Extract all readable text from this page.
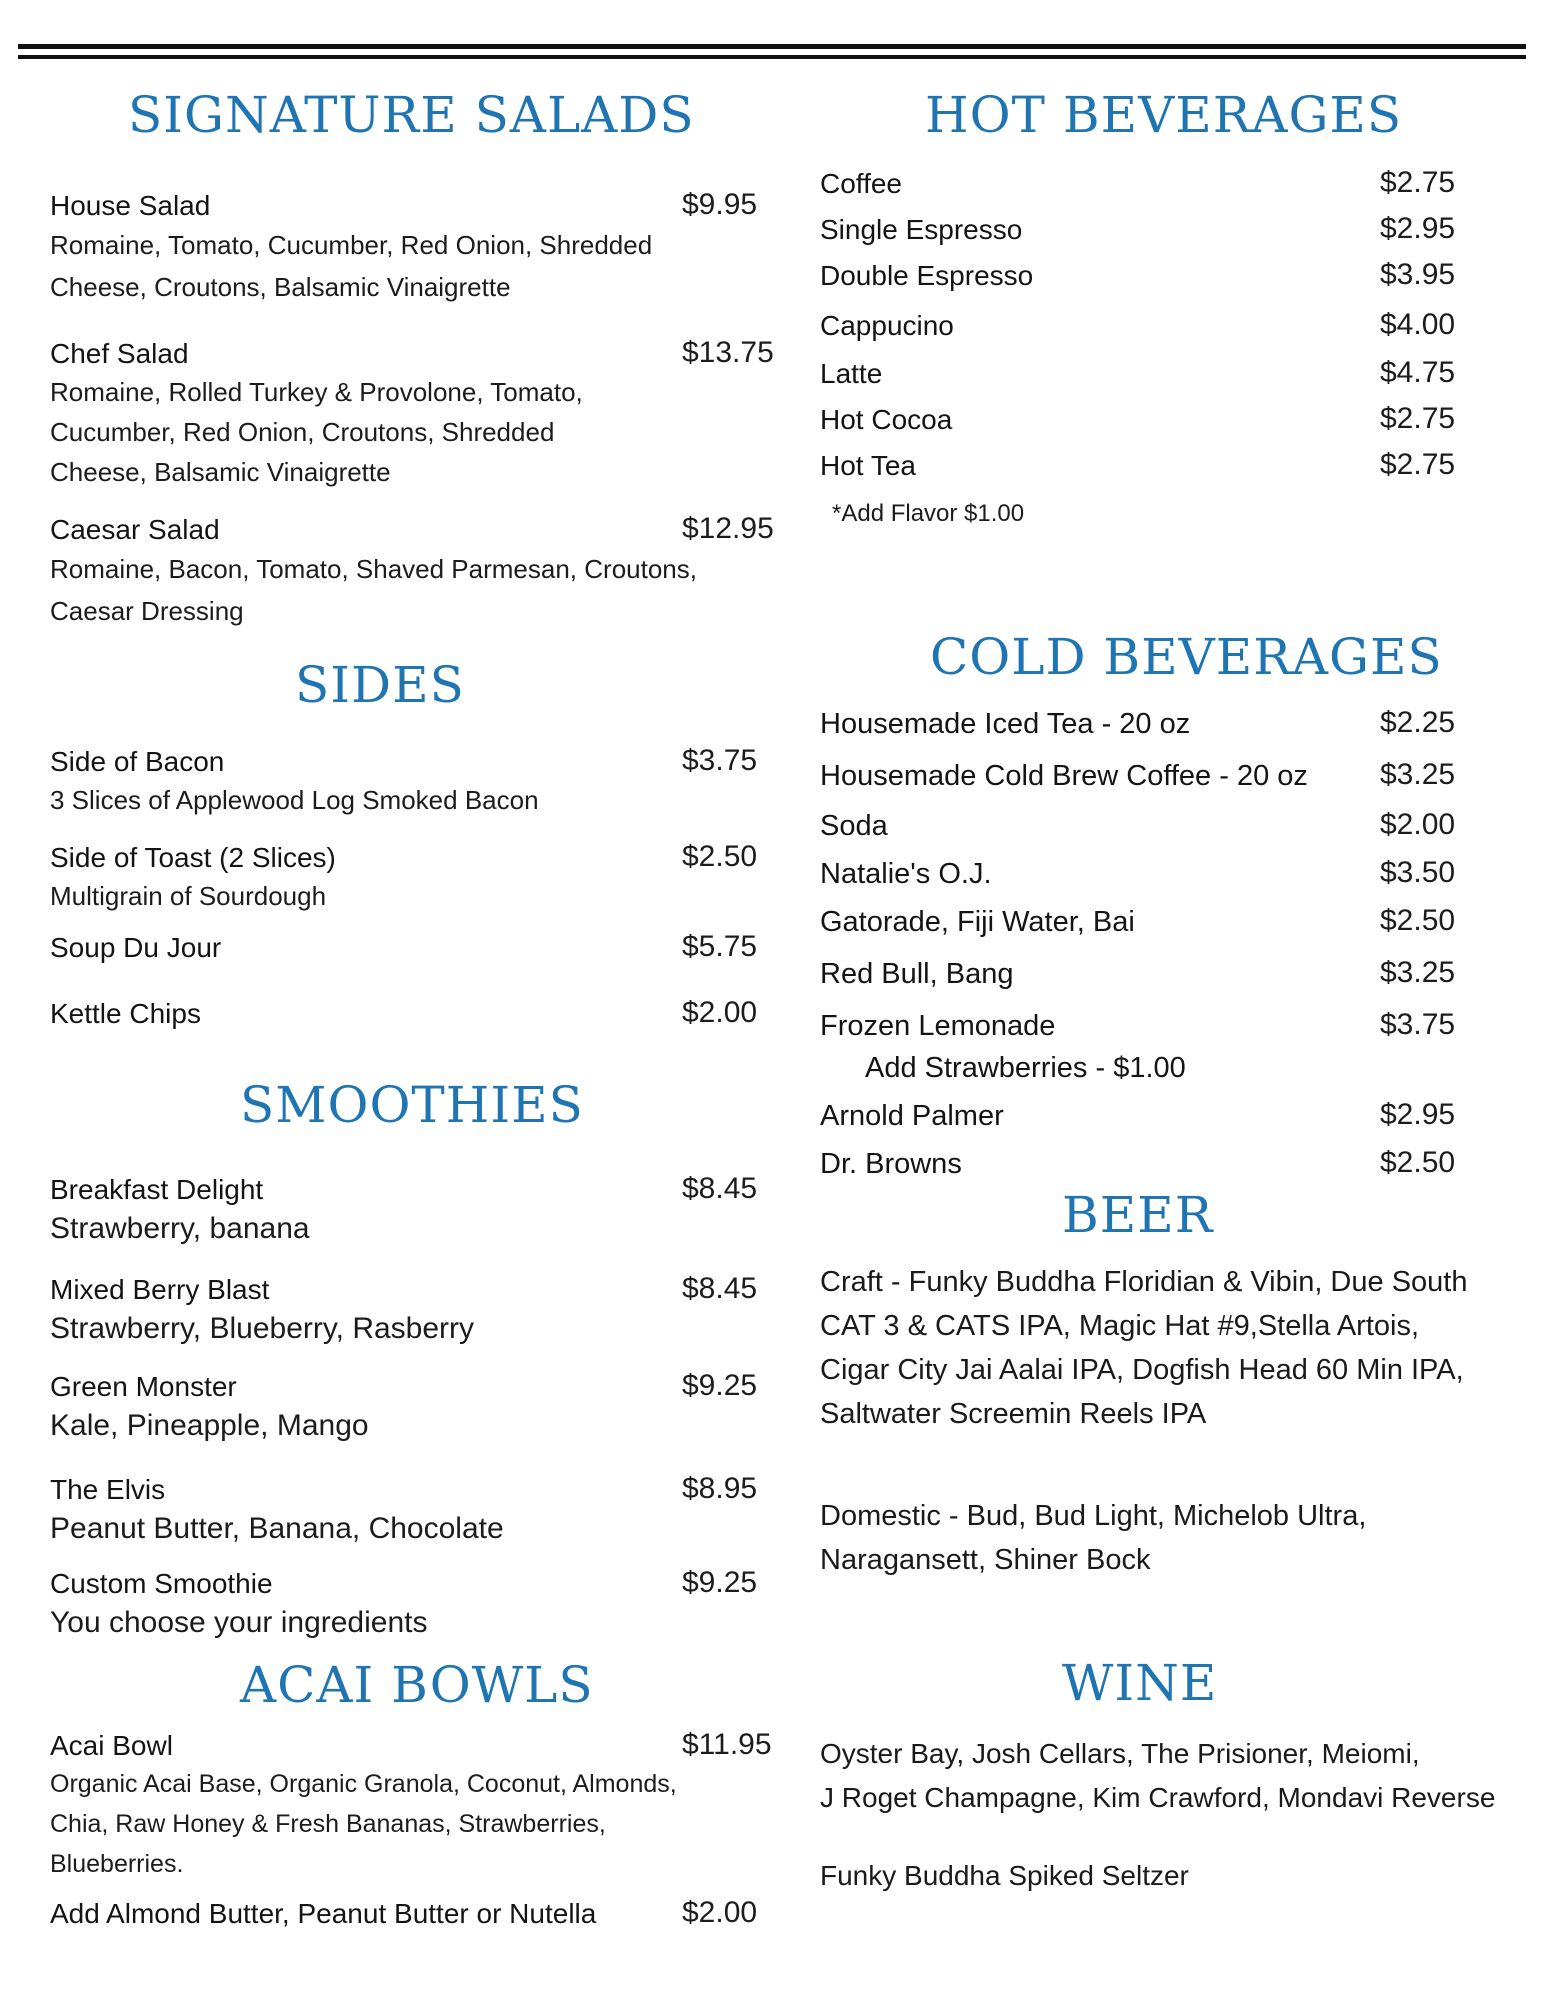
SIGNATURE SALADS
House Salad	$9.95
Romaine, Tomato, Cucumber, Red Onion, Shredded
Cheese, Croutons, Balsamic Vinaigrette
Chef Salad	$13.75
Romaine, Rolled Turkey & Provolone, Tomato,
Cucumber, Red Onion, Croutons, Shredded
Cheese, Balsamic Vinaigrette
Caesar Salad	$12.95
Romaine, Bacon, Tomato, Shaved Parmesan, Croutons,
Caesar Dressing
SIDES
Side of Bacon	$3.75
3 Slices of Applewood Log Smoked Bacon
Side of Toast (2 Slices)	$2.50
Multigrain of Sourdough
Soup Du Jour	$5.75
Kettle Chips	$2.00
SMOOTHIES
Breakfast Delight	$8.45
Strawberry, banana
Mixed Berry Blast	$8.45
Strawberry, Blueberry, Rasberry
Green Monster	$9.25
Kale, Pineapple, Mango
The Elvis	$8.95
Peanut Butter, Banana, Chocolate
Custom Smoothie	$9.25
You choose your ingredients
ACAI BOWLS
Acai Bowl	$11.95
Organic Acai Base, Organic Granola, Coconut, Almonds,
Chia, Raw Honey & Fresh Bananas, Strawberries,
Blueberries.
Add Almond Butter, Peanut Butter or Nutella	$2.00
HOT BEVERAGES
Coffee	$2.75
Single Espresso	$2.95
Double Espresso	$3.95
Cappucino	$4.00
Latte	$4.75
Hot Cocoa	$2.75
Hot Tea	$2.75
*Add Flavor $1.00
COLD BEVERAGES
Housemade Iced Tea - 20 oz	$2.25
Housemade Cold Brew Coffee - 20 oz	$3.25
Soda	$2.00
Natalie's O.J.	$3.50
Gatorade, Fiji Water, Bai	$2.50
Red Bull, Bang	$3.25
Frozen Lemonade	$3.75
Add Strawberries - $1.00
Arnold Palmer	$2.95
Dr. Browns	$2.50
BEER
Craft - Funky Buddha Floridian & Vibin, Due South
CAT 3 & CATS IPA, Magic Hat #9,Stella Artois,
Cigar City Jai Aalai IPA, Dogfish Head 60 Min IPA,
Saltwater Screemin Reels IPA
Domestic - Bud, Bud Light, Michelob Ultra,
Naragansett, Shiner Bock
WINE
Oyster Bay, Josh Cellars, The Prisioner, Meiomi,
J Roget Champagne, Kim Crawford, Mondavi Reverse
Funky Buddha Spiked Seltzer
